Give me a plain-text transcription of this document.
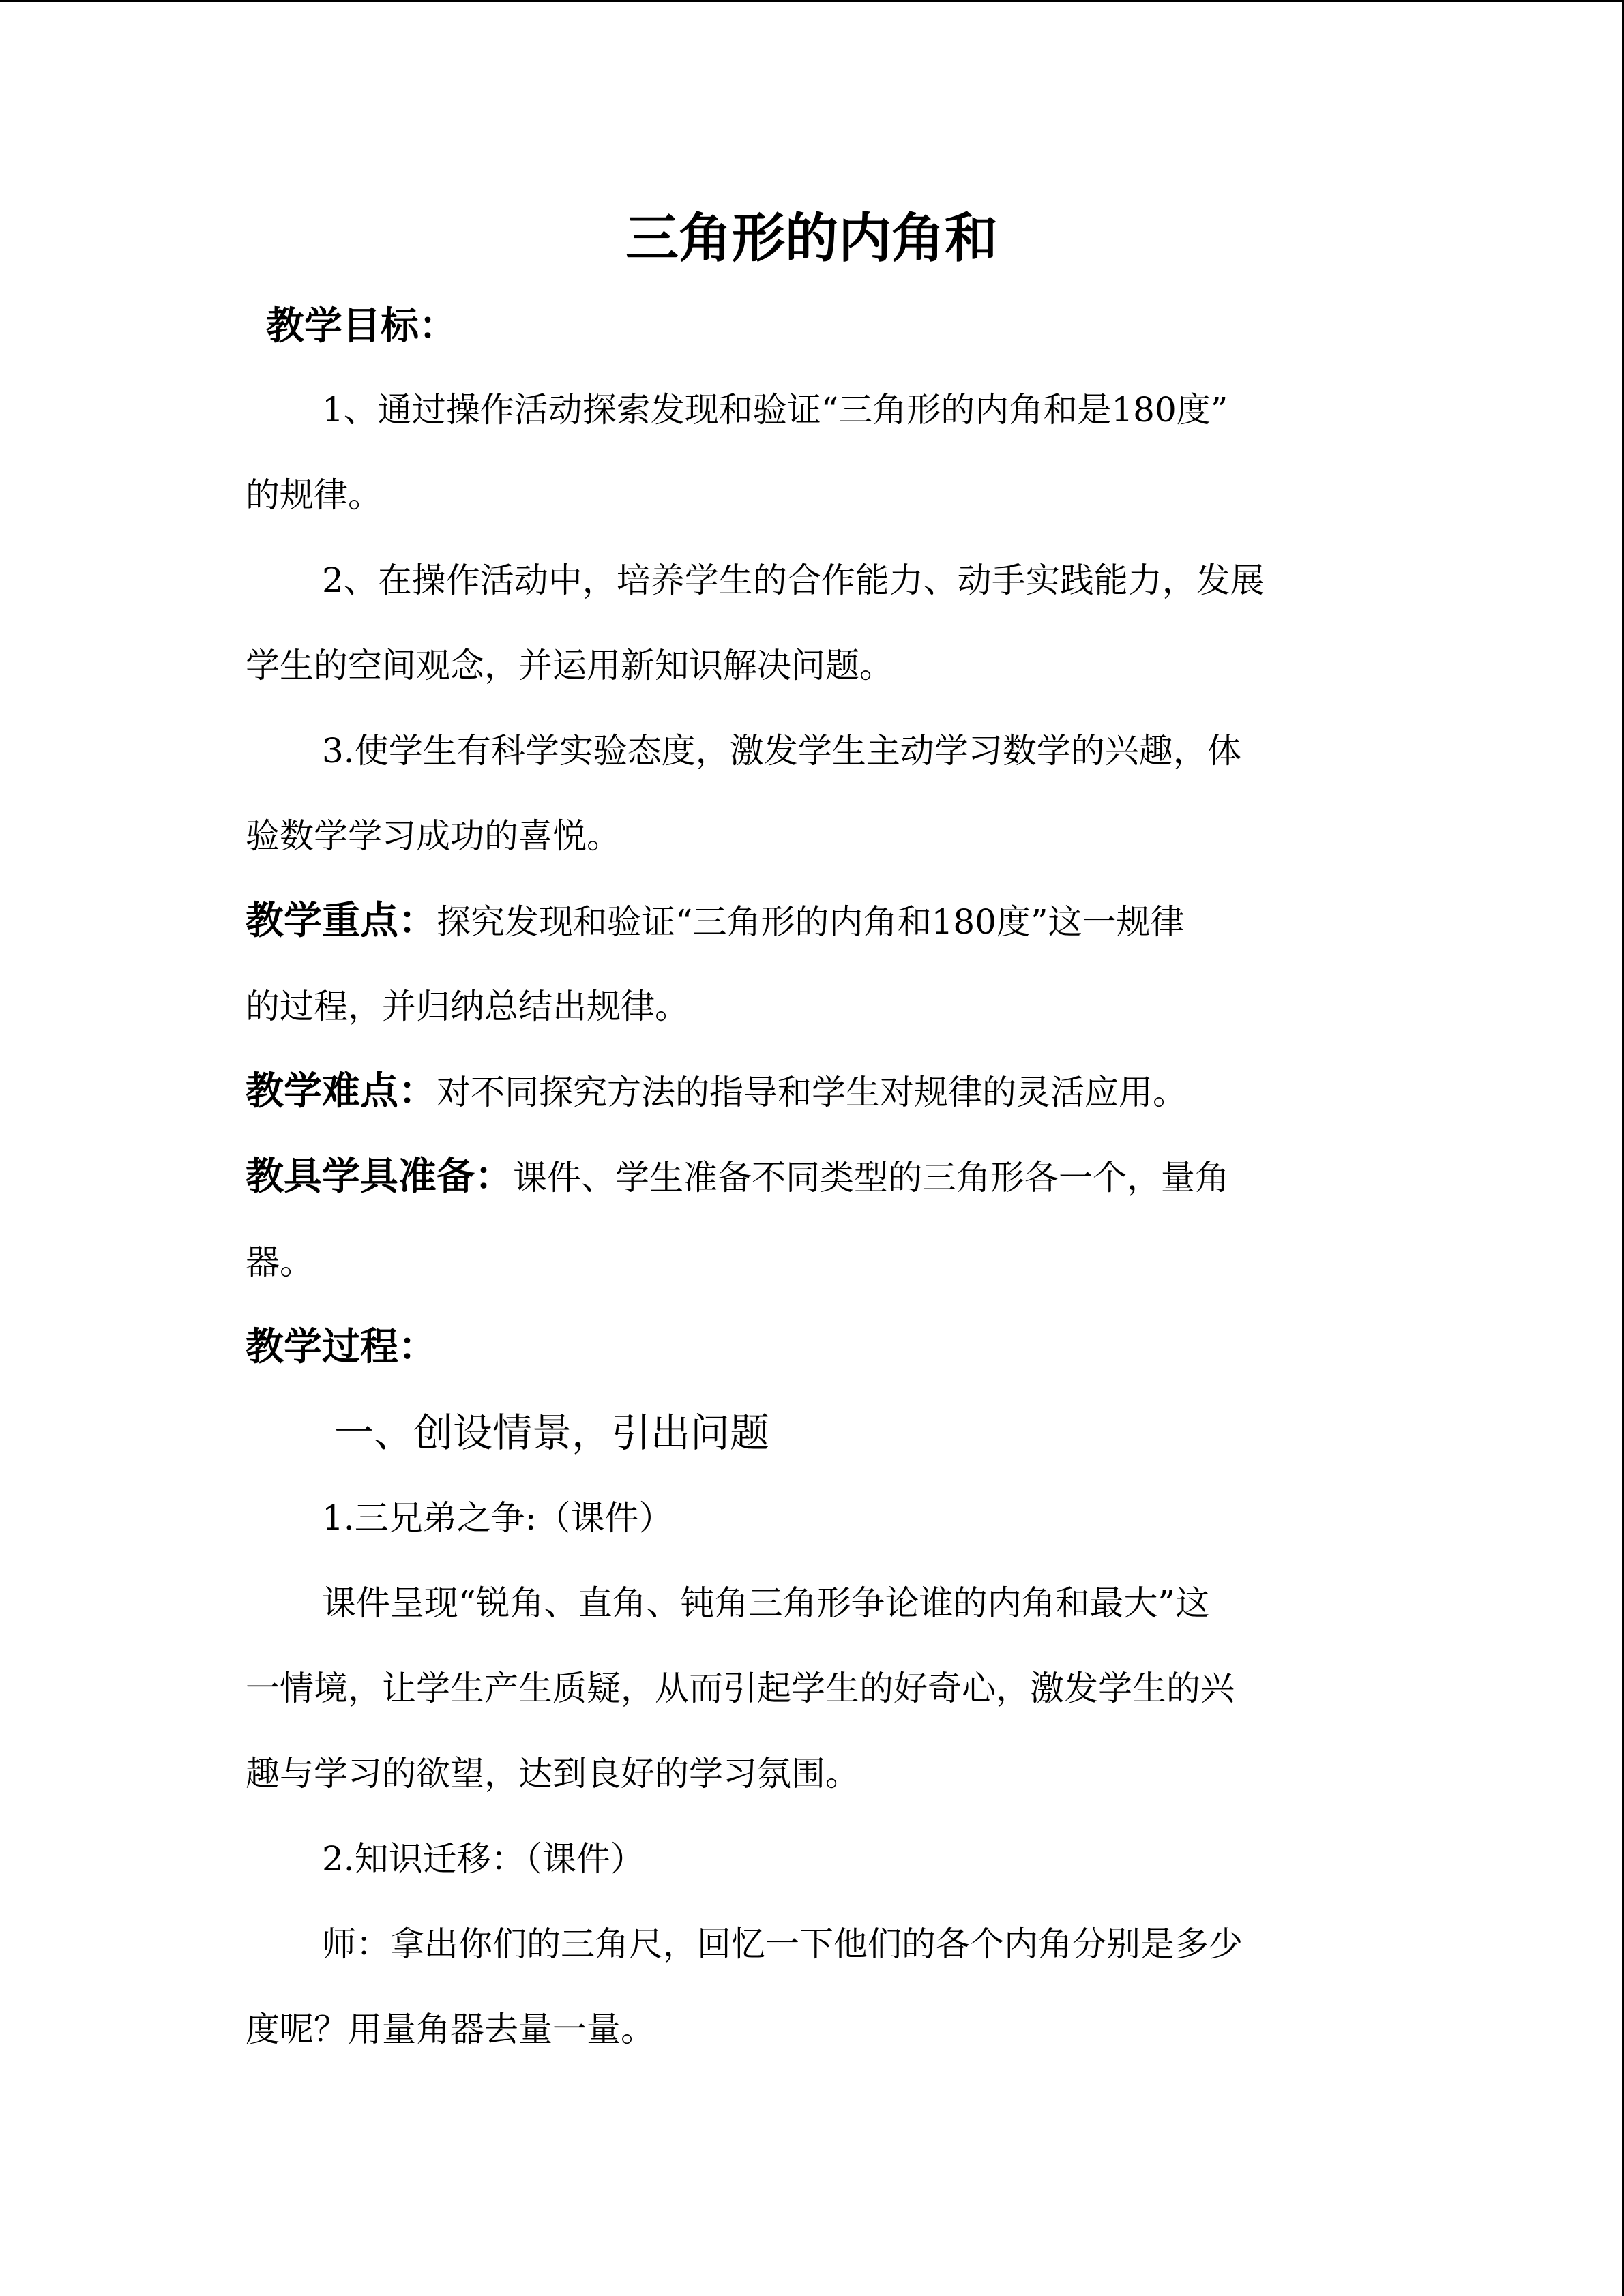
三角形的内角和
教学目标：
1、通过操作活动探索发现和验证“三角形的内角和是180度”
的规律。
2、在操作活动中，培养学生的合作能力、动手实践能力，发展
学生的空间观念，并运用新知识解决问题。
3.使学生有科学实验态度，激发学生主动学习数学的兴趣，体
验数学学习成功的喜悦。
教学重点：探究发现和验证“三角形的内角和180度”这一规律
的过程，并归纳总结出规律。
教学难点：对不同探究方法的指导和学生对规律的灵活应用。
教具学具准备：课件、学生准备不同类型的三角形各一个，量角
器。
教学过程：
一、创设情景，引出问题
1.三兄弟之争:（课件）
课件呈现“锐角、直角、钝角三角形争论谁的内角和最大”这
一情境，让学生产生质疑，从而引起学生的好奇心，激发学生的兴
趣与学习的欲望，达到良好的学习氛围。
2.知识迁移：（课件）
师：拿出你们的三角尺，回忆一下他们的各个内角分别是多少
度呢？用量角器去量一量。
